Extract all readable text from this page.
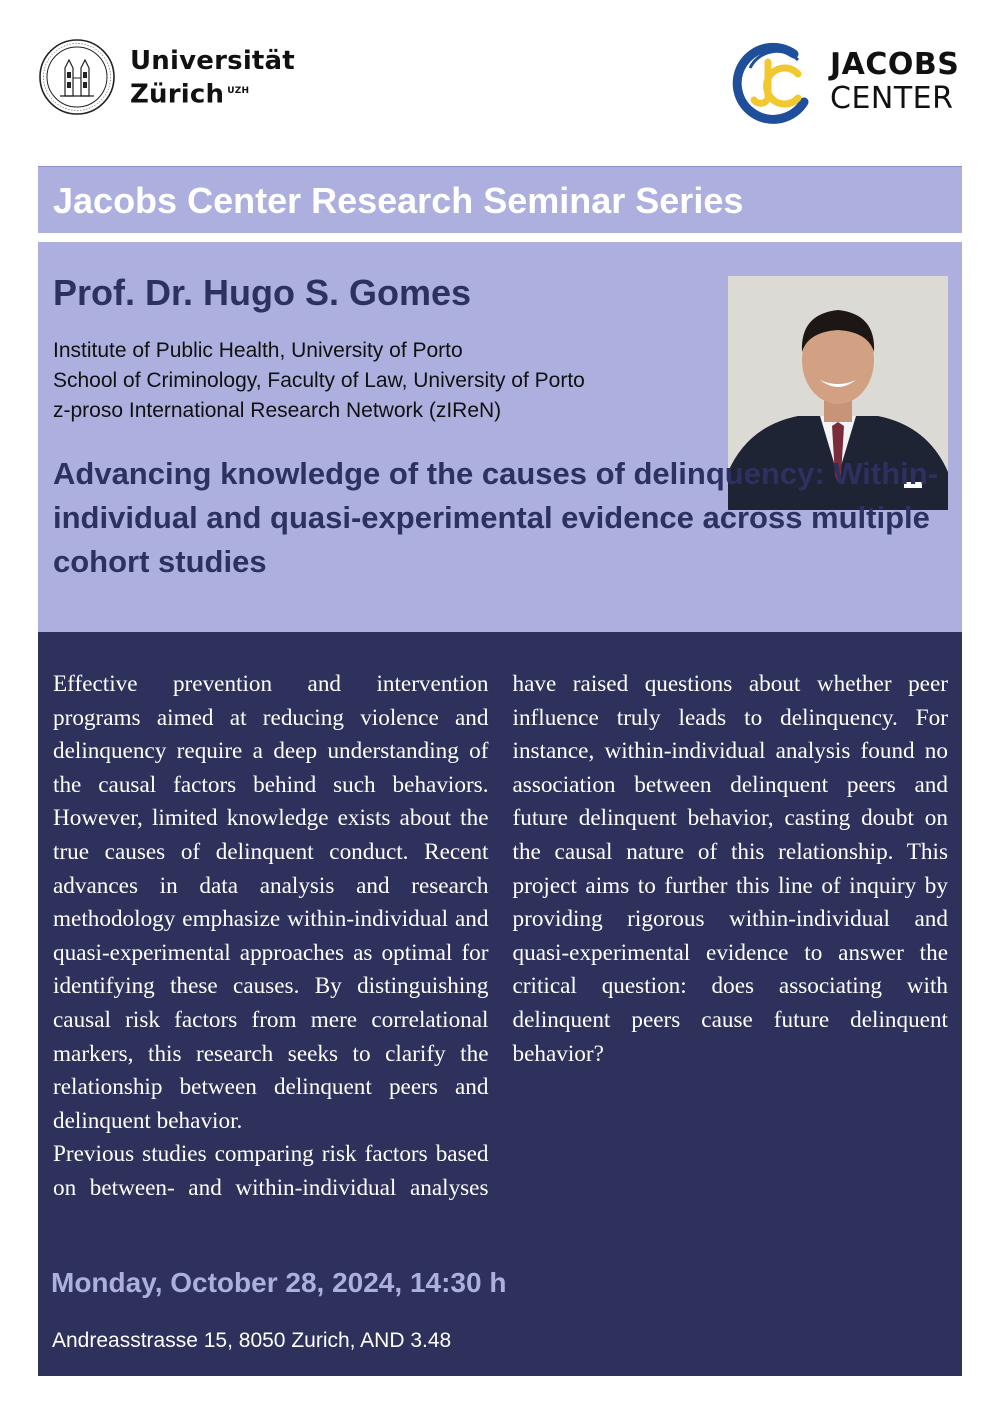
Universität
Zürich $^{UZH}$
JACOBS
CENTER
Jacobs Center Research Seminar Series
Prof. Dr. Hugo S. Gomes
Institute of Public Health, University of Porto
School of Criminology, Faculty of Law, University of Porto
z-proso International Research Network (zIReN)
Advancing knowledge of the causes of delinquency: Within-individual and quasi-experimental evidence across multiple cohort studies

Effective prevention and intervention programs aimed at reducing violence and delinquency require a deep understanding of the causal factors behind such behaviors. However, limited knowledge exists about the true causes of delinquent conduct. Recent advances in data analysis and research methodology emphasize within-individual and quasi-experimental approaches as optimal for identifying these causes. By distinguishing causal risk factors from mere correlational markers, this research seeks to clarify the relationship between delinquent peers and delinquent behavior.

Previous studies comparing risk factors based on between- and within-individual analyses have raised questions about whether peer influence truly leads to delinquency. For instance, within-individual analysis found no association between delinquent peers and future delinquent behavior, casting doubt on the causal nature of this relationship. This project aims to further this line of inquiry by providing rigorous within-individual and quasi-experimental evidence to answer the critical question: does associating with delinquent peers cause future delinquent behavior?

Monday, October 28, 2024, 14:30 h

Andreasstrasse 15, 8050 Zurich, AND 3.48
